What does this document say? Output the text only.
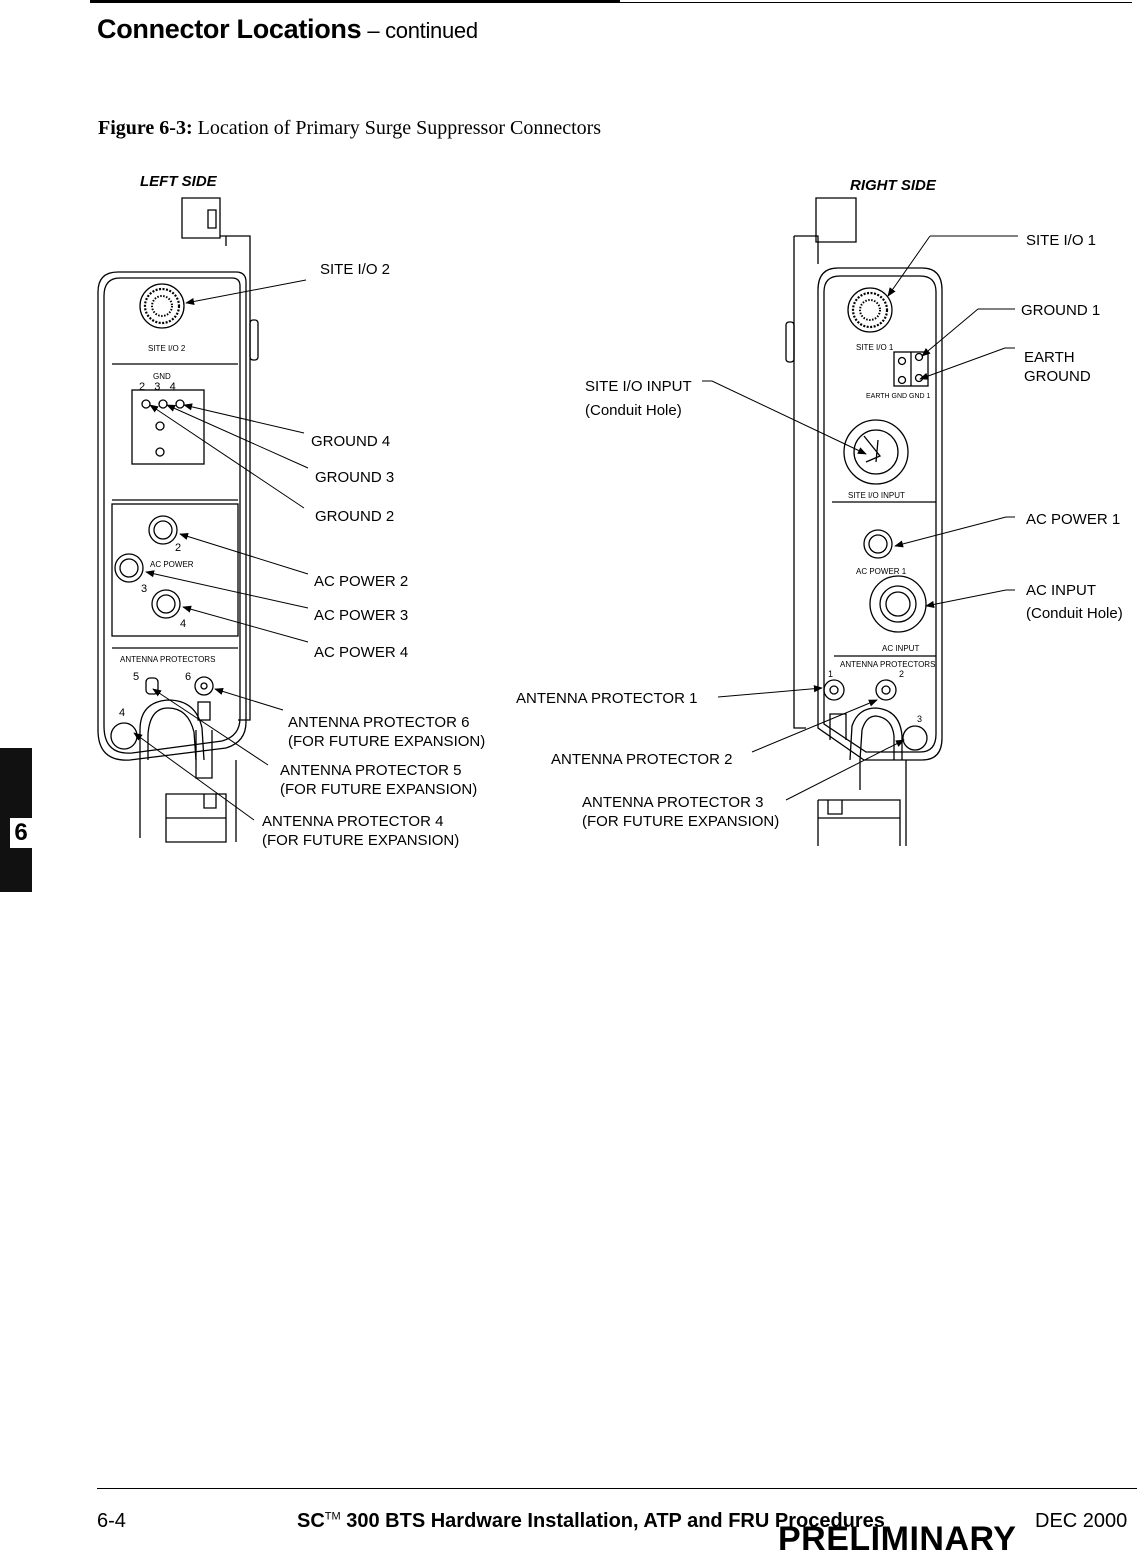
Connector Locations – continued
Figure 6-3: Location of Primary Surge Suppressor Connectors
SITE I/O 2
GND
2   3   4
2
AC POWER
3
4
ANTENNA PROTECTORS
5	6
4
SITE I/O 1
EARTH GND GND 1
SITE I/O INPUT
AC POWER 1
AC INPUT
ANTENNA PROTECTORS
1	2
3
LEFT SIDE	RIGHT SIDE
SITE I/O 2
GROUND 4
GROUND 3
GROUND 2
AC POWER 2
AC POWER 3
AC POWER 4
ANTENNA PROTECTOR 6
(FOR FUTURE EXPANSION)
ANTENNA PROTECTOR 5
(FOR FUTURE EXPANSION)
ANTENNA PROTECTOR 4
(FOR FUTURE EXPANSION)
SITE I/O 1
GROUND 1
EARTH
GROUND
SITE I/O INPUT
(Conduit Hole)
AC POWER 1
AC INPUT
(Conduit Hole)
ANTENNA PROTECTOR 1
ANTENNA PROTECTOR 2
ANTENNA PROTECTOR 3
(FOR FUTURE EXPANSION)
6
6-4	SC™ 300 BTS Hardware Installation, ATP and FRU Procedures	DEC 2000
PRELIMINARY
